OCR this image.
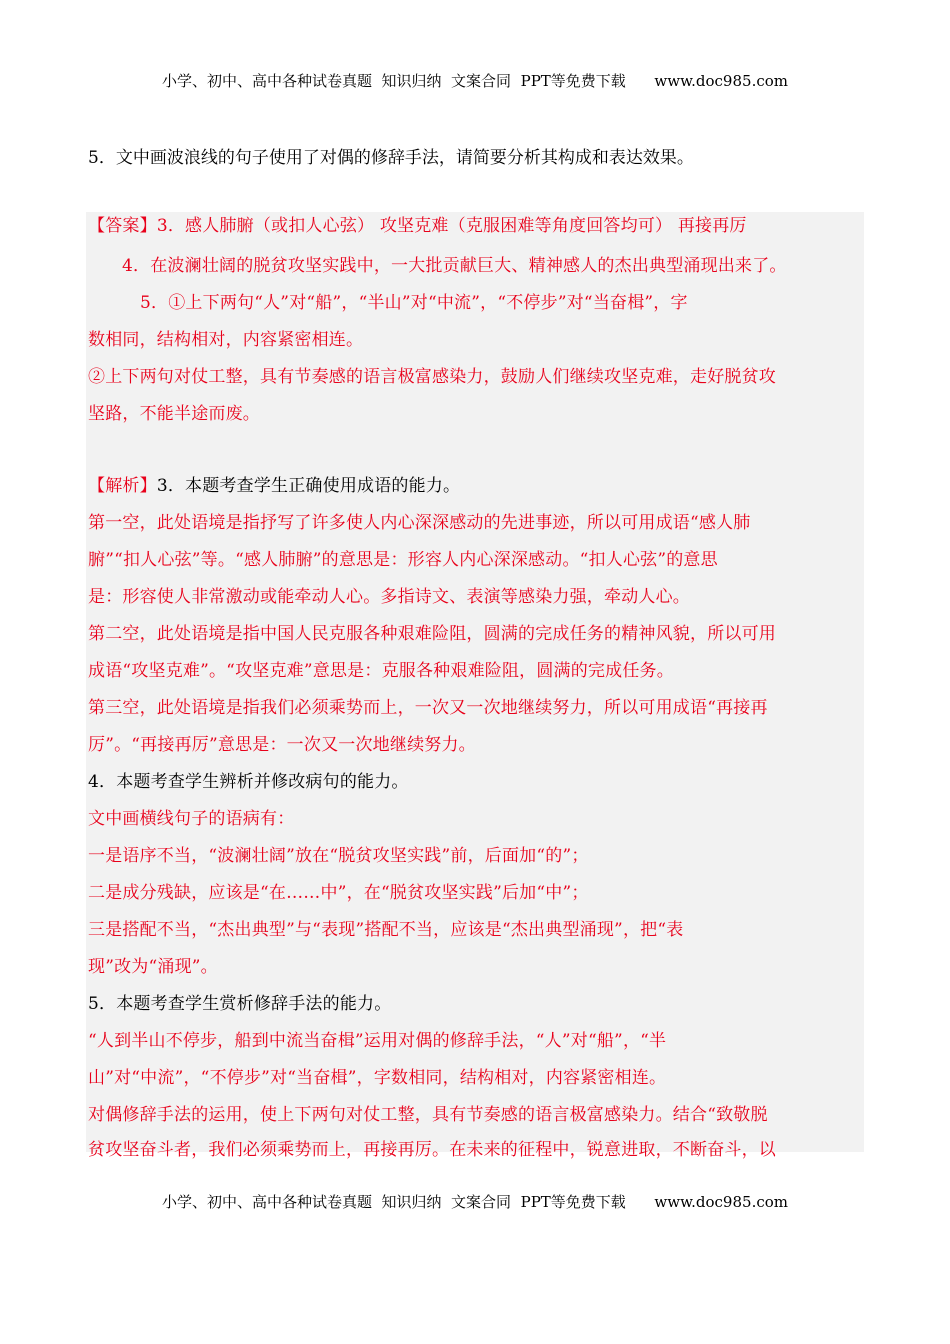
小学、初中、高中各种试卷真题  知识归纳  文案合同  PPT等免费下载      www.doc985.com
5．文中画波浪线的句子使用了对偶的修辞手法，请简要分析其构成和表达效果。
【答案】3．感人肺腑（或扣人心弦） 攻坚克难（克服困难等角度回答均可） 再接再厉
4．在波澜壮阔的脱贫攻坚实践中，一大批贡献巨大、精神感人的杰出典型涌现出来了。
5．①上下两句“人”对“船”，“半山”对“中流”，“不停步”对“当奋楫”，字
数相同，结构相对，内容紧密相连。
②上下两句对仗工整，具有节奏感的语言极富感染力，鼓励人们继续攻坚克难，走好脱贫攻
坚路，不能半途而废。
【解析】3．本题考查学生正确使用成语的能力。
第一空，此处语境是指抒写了许多使人内心深深感动的先进事迹，所以可用成语“感人肺
腑”“扣人心弦”等。“感人肺腑”的意思是：形容人内心深深感动。“扣人心弦”的意思
是：形容使人非常激动或能牵动人心。多指诗文、表演等感染力强，牵动人心。
第二空，此处语境是指中国人民克服各种艰难险阻，圆满的完成任务的精神风貌，所以可用
成语“攻坚克难”。“攻坚克难”意思是：克服各种艰难险阻，圆满的完成任务。
第三空，此处语境是指我们必须乘势而上，一次又一次地继续努力，所以可用成语“再接再
厉”。“再接再厉”意思是：一次又一次地继续努力。
4．本题考查学生辨析并修改病句的能力。
文中画横线句子的语病有：
一是语序不当，“波澜壮阔”放在“脱贫攻坚实践”前，后面加“的”；
二是成分残缺，应该是“在……中”，在“脱贫攻坚实践”后加“中”；
三是搭配不当，“杰出典型”与“表现”搭配不当，应该是“杰出典型涌现”，把“表
现”改为“涌现”。
5．本题考查学生赏析修辞手法的能力。
“人到半山不停步，船到中流当奋楫”运用对偶的修辞手法，“人”对“船”，“半
山”对“中流”，“不停步”对“当奋楫”，字数相同，结构相对，内容紧密相连。
对偶修辞手法的运用，使上下两句对仗工整，具有节奏感的语言极富感染力。结合“致敬脱
贫攻坚奋斗者，我们必须乘势而上，再接再厉。在未来的征程中，锐意进取，不断奋斗，以
小学、初中、高中各种试卷真题  知识归纳  文案合同  PPT等免费下载      www.doc985.com
